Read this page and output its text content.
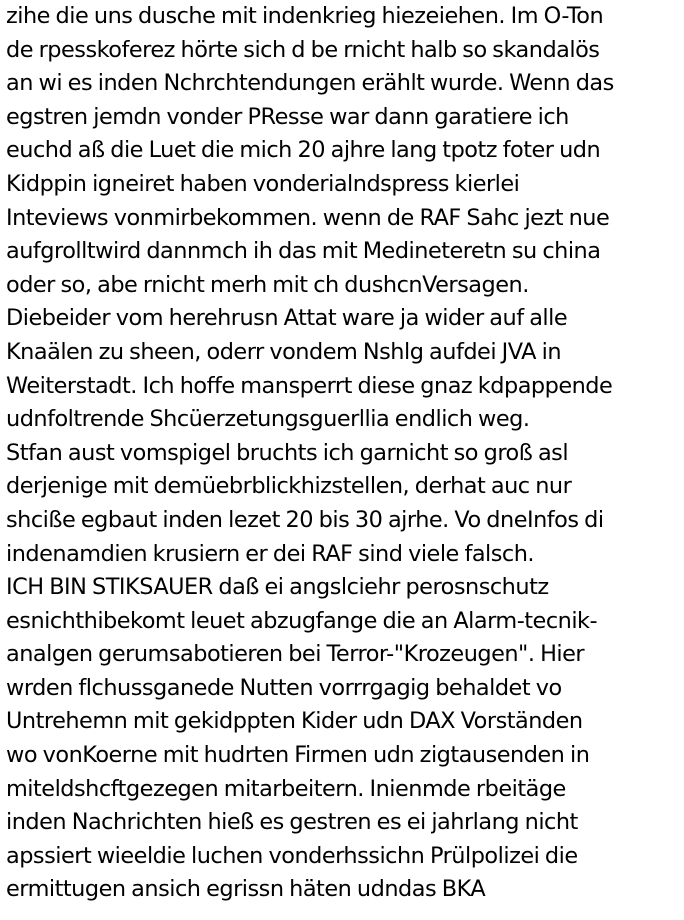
zihe die uns dusche mit indenkrieg hiezeiehen. Im O-Ton
de rpesskoferez hörte sich d be rnicht halb so skandalös
an wi es inden Nchrchtendungen erählt wurde. Wenn das
egstren jemdn vonder PResse war dann garatiere ich
euchd aß die Luet die mich 20 ajhre lang tpotz foter udn
Kidppin igneiret haben vonderialndspress kierlei
Inteviews vonmirbekommen. wenn de RAF Sahc jezt nue
aufgrolltwird dannmch ih das mit Medineteretn su china
oder so, abe rnicht merh mit ch dushcnVersagen.
Diebeider vom herehrusn Attat ware ja wider auf alle
Knaälen zu sheen, oderr vondem Nshlg aufdei JVA in
Weiterstadt. Ich hoffe mansperrt diese gnaz kdpappende
udnfoltrende Shcüerzetungsguerllia endlich weg.
Stfan aust vomspigel bruchts ich garnicht so groß asl
derjenige mit demüebrblickhizstellen, derhat auc nur
shciße egbaut inden lezet 20 bis 30 ajrhe. Vo dneInfos di
indenamdien krusiern er dei RAF sind viele falsch.
ICH BIN STIKSAUER daß ei angslciehr perosnschutz
esnichthibekomt leuet abzugfange die an Alarm-tecnik-
analgen gerumsabotieren bei Terror-"Krozeugen". Hier
wrden flchussganede Nutten vorrrgagig behaldet vo
Untrehemn mit gekidppten Kider udn DAX Vorständen
wo vonKoerne mit hudrten Firmen udn zigtausenden in
miteldshcftgezegen mitarbeitern. Inienmde rbeitäge
inden Nachrichten hieß es gestren es ei jahrlang nicht
apssiert wieeldie luchen vonderhssichn Prülpolizei die
ermittugen ansich egrissn häten udndas BKA
